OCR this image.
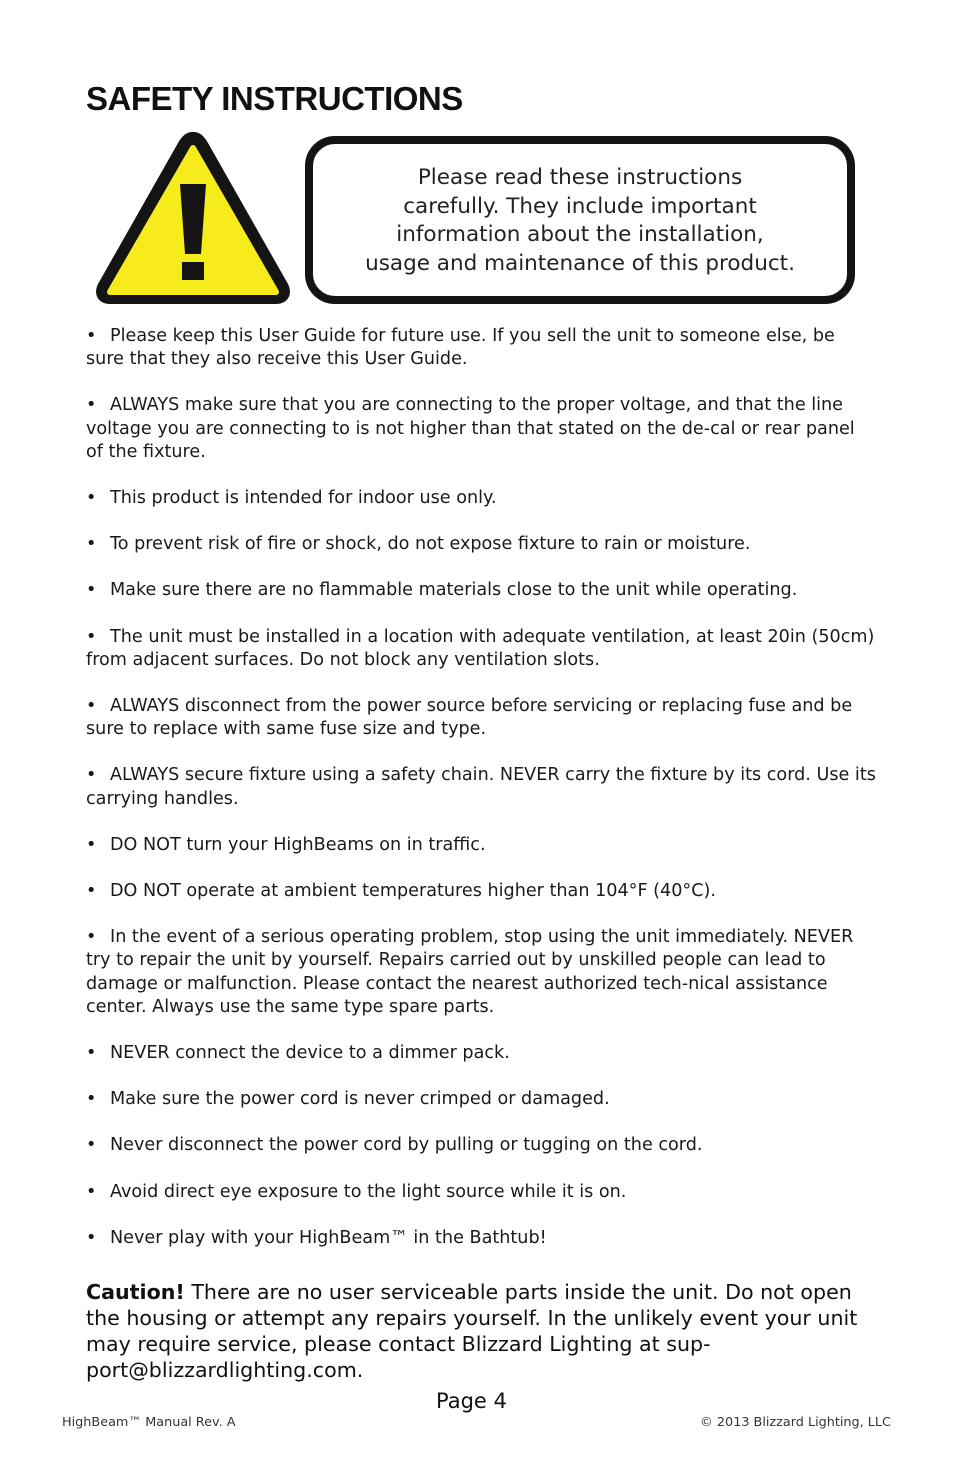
SAFETY INSTRUCTIONS

Please read these instructions
carefully. They include important
information about the installation,
usage and maintenance of this product.

• Please keep this User Guide for future use. If you sell the unit to someone else, be sure that they also receive this User Guide.
• ALWAYS make sure that you are connecting to the proper voltage, and that the line voltage you are connecting to is not higher than that stated on the de-cal or rear panel of the fixture.
• This product is intended for indoor use only.
• To prevent risk of fire or shock, do not expose fixture to rain or moisture.
• Make sure there are no flammable materials close to the unit while operating.
• The unit must be installed in a location with adequate ventilation, at least 20in (50cm) from adjacent surfaces. Do not block any ventilation slots.
• ALWAYS disconnect from the power source before servicing or replacing fuse and be sure to replace with same fuse size and type.
• ALWAYS secure fixture using a safety chain. NEVER carry the fixture by its cord. Use its carrying handles.
• DO NOT turn your HighBeams on in traffic.
• DO NOT operate at ambient temperatures higher than 104°F (40°C).
• In the event of a serious operating problem, stop using the unit immediately. NEVER try to repair the unit by yourself. Repairs carried out by unskilled people can lead to damage or malfunction. Please contact the nearest authorized tech-nical assistance center. Always use the same type spare parts.
• NEVER connect the device to a dimmer pack.
• Make sure the power cord is never crimped or damaged.
• Never disconnect the power cord by pulling or tugging on the cord.
• Avoid direct eye exposure to the light source while it is on.
• Never play with your HighBeam™ in the Bathtub!

Caution! There are no user serviceable parts inside the unit. Do not open the housing or attempt any repairs yourself. In the unlikely event your unit may require service, please contact Blizzard Lighting at sup-port@blizzardlighting.com.

Page 4
HighBeam™ Manual Rev. A	© 2013 Blizzard Lighting, LLC
